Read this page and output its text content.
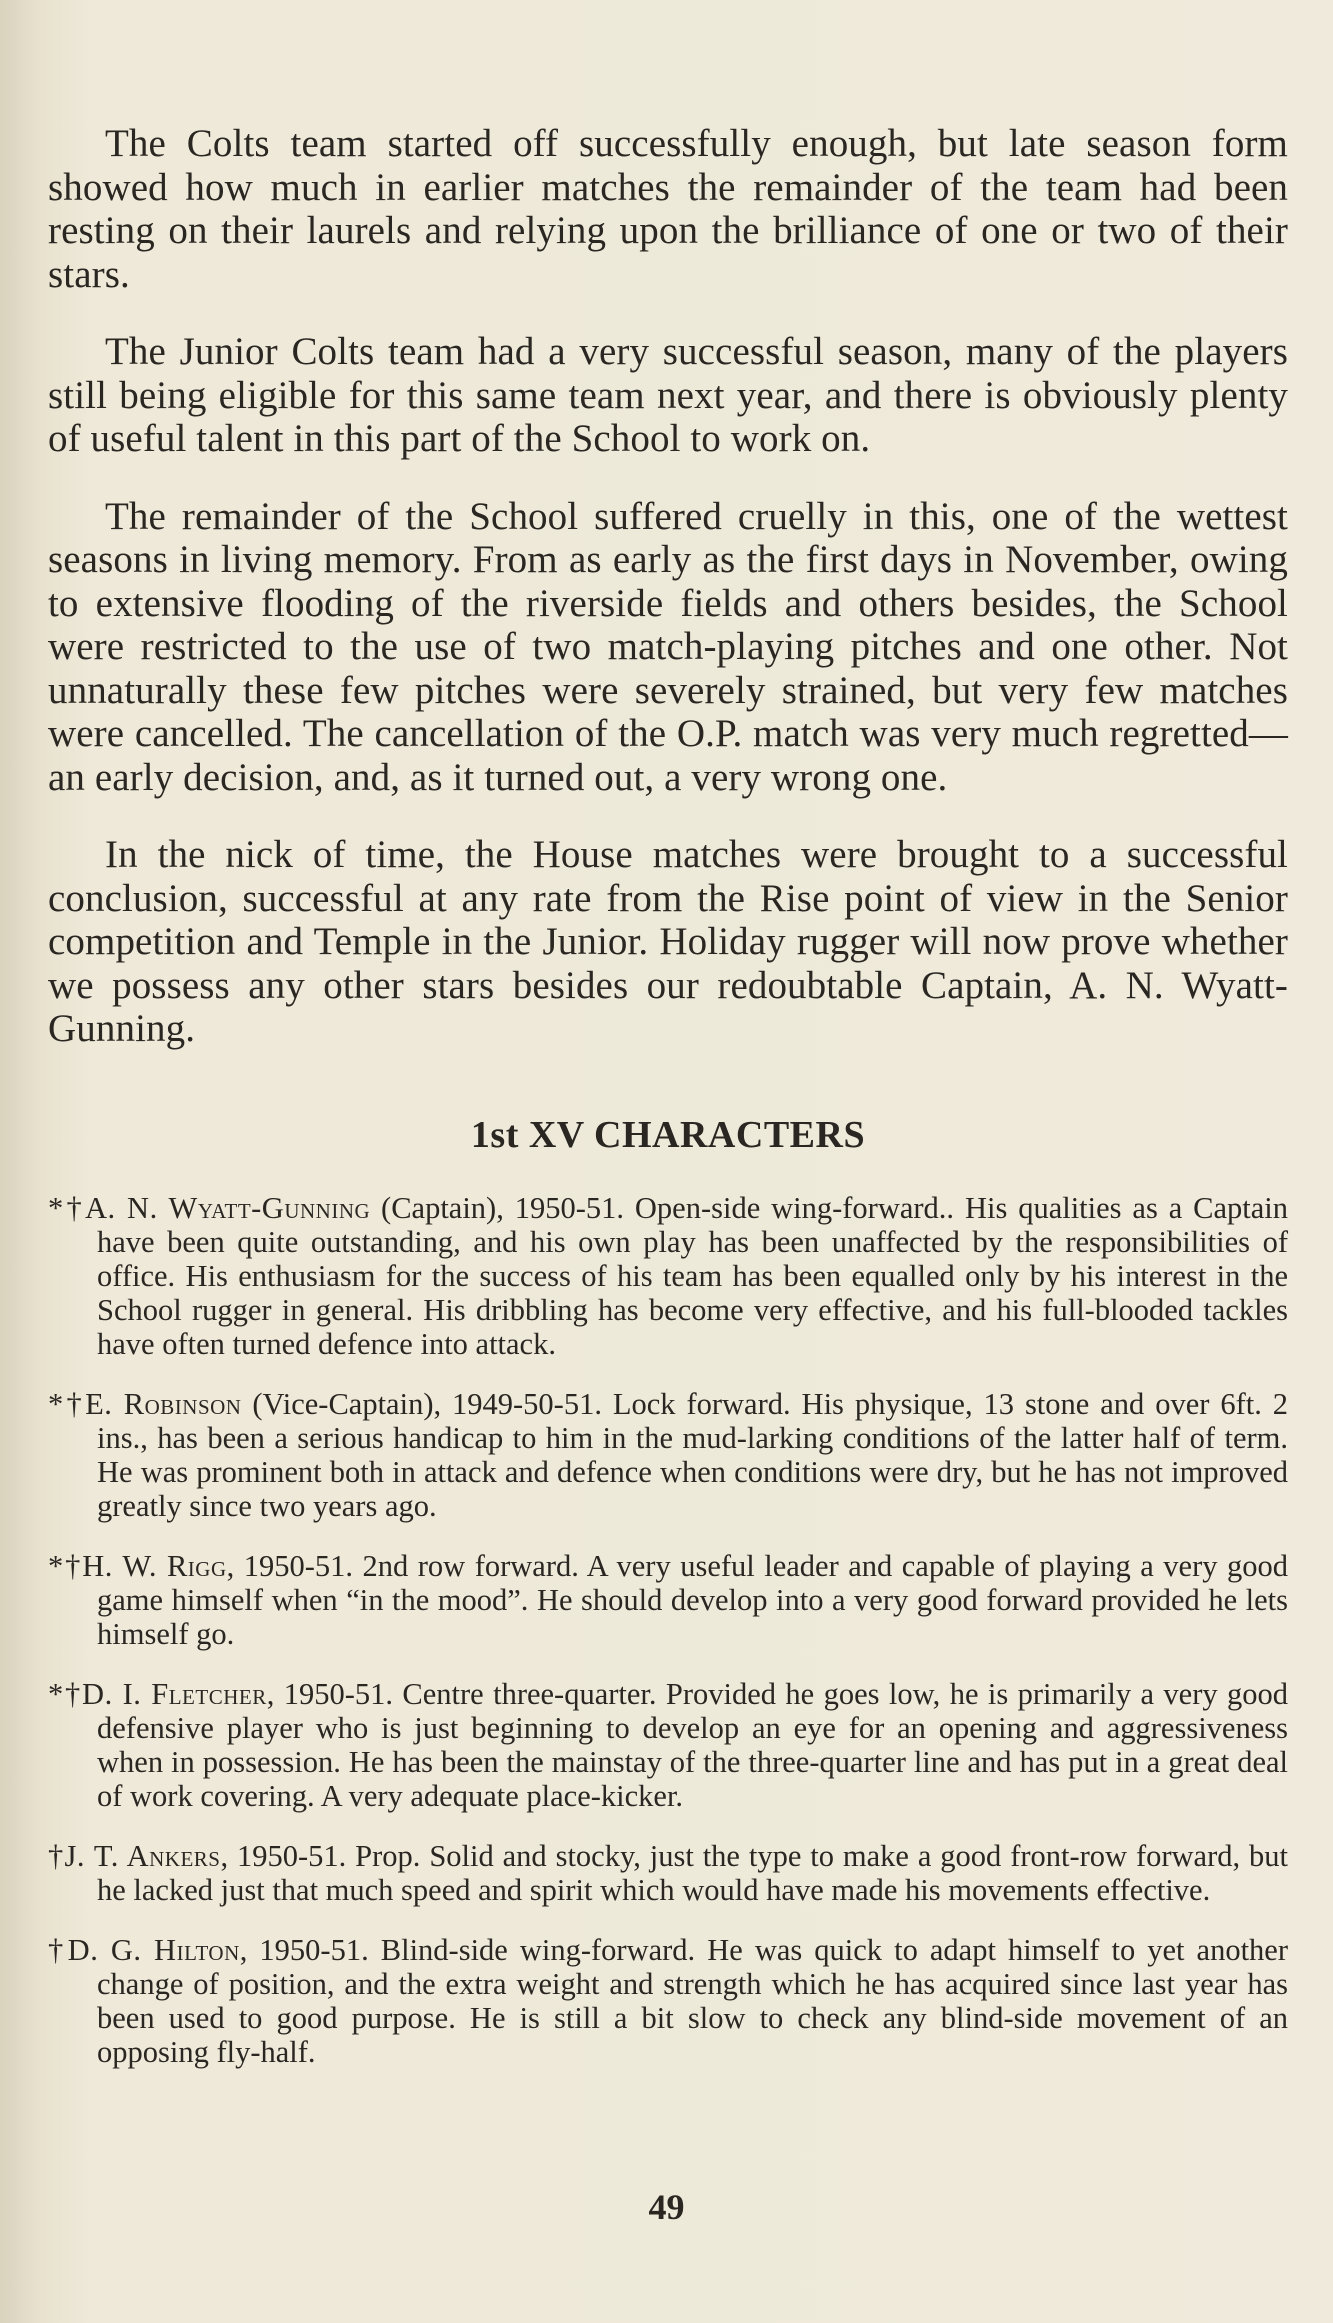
The Colts team started off successfully enough, but late season form showed how much in earlier matches the remainder of the team had been resting on their laurels and relying upon the brilliance of one or two of their stars.

The Junior Colts team had a very successful season, many of the players still being eligible for this same team next year, and there is obviously plenty of useful talent in this part of the School to work on.

The remainder of the School suffered cruelly in this, one of the wettest seasons in living memory. From as early as the first days in November, owing to extensive flooding of the riverside fields and others besides, the School were restricted to the use of two match-playing pitches and one other. Not unnaturally these few pitches were severely strained, but very few matches were cancelled. The cancellation of the O.P. match was very much regretted—an early decision, and, as it turned out, a very wrong one.

In the nick of time, the House matches were brought to a successful conclusion, successful at any rate from the Rise point of view in the Senior competition and Temple in the Junior. Holiday rugger will now prove whether we possess any other stars besides our redoubtable Captain, A. N. Wyatt-Gunning.

1st XV CHARACTERS

*†A. N. Wyatt-Gunning (Captain), 1950-51. Open-side wing-forward.. His qualities as a Captain have been quite outstanding, and his own play has been unaffected by the responsibilities of office. His enthusiasm for the success of his team has been equalled only by his interest in the School rugger in general. His dribbling has become very effective, and his full-blooded tackles have often turned defence into attack.

*†E. Robinson (Vice-Captain), 1949-50-51. Lock forward. His physique, 13 stone and over 6ft. 2 ins., has been a serious handicap to him in the mud-larking conditions of the latter half of term. He was prominent both in attack and defence when conditions were dry, but he has not improved greatly since two years ago.

*†H. W. Rigg, 1950-51. 2nd row forward. A very useful leader and capable of playing a very good game himself when “in the mood”. He should develop into a very good forward provided he lets himself go.

*†D. I. Fletcher, 1950-51. Centre three-quarter. Provided he goes low, he is primarily a very good defensive player who is just beginning to develop an eye for an opening and aggressiveness when in possession. He has been the mainstay of the three-quarter line and has put in a great deal of work covering. A very adequate place-kicker.

†J. T. Ankers, 1950-51. Prop. Solid and stocky, just the type to make a good front-row forward, but he lacked just that much speed and spirit which would have made his movements effective.

†D. G. Hilton, 1950-51. Blind-side wing-forward. He was quick to adapt himself to yet another change of position, and the extra weight and strength which he has acquired since last year has been used to good purpose. He is still a bit slow to check any blind-side movement of an opposing fly-half.

49
